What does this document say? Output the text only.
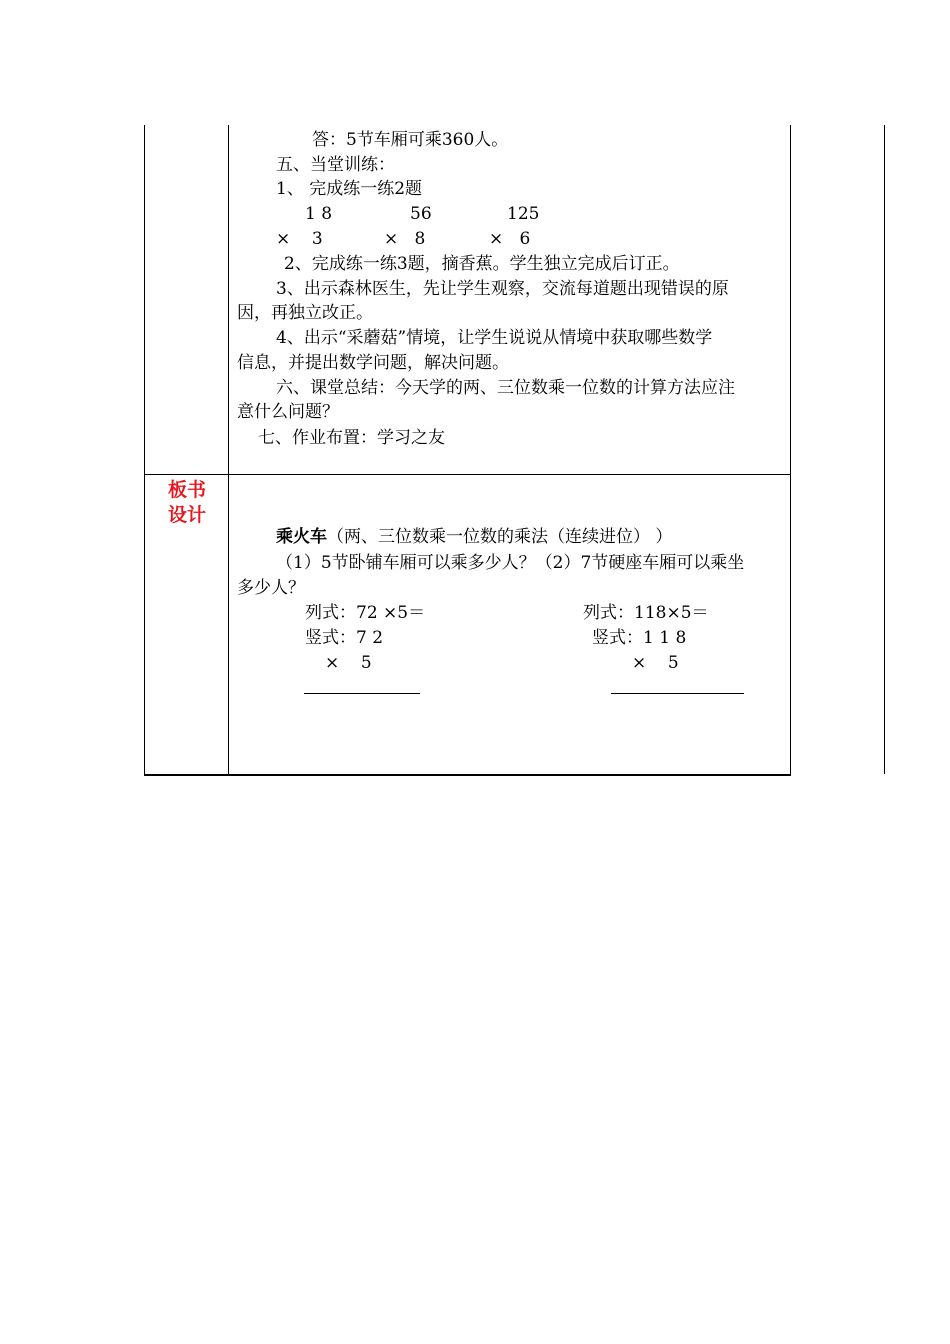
答：5节车厢可乘360人。
五、当堂训练：
1、 完成练一练2题
1 8	56	125
×    3	×   8	×   6
2、完成练一练3题，摘香蕉。学生独立完成后订正。
3、出示森林医生，先让学生观察，交流每道题出现错误的原
因，再独立改正。
4、出示“采蘑菇”情境，让学生说说从情境中获取哪些数学
信息，并提出数学问题，解决问题。
六、课堂总结：今天学的两、三位数乘一位数的计算方法应注
意什么问题？
七、作业布置：学习之友
板书
设计
乘火车（两、三位数乘一位数的乘法（连续进位） ）
（1）5节卧铺车厢可以乘多少人？（2）7节硬座车厢可以乘坐
多少人？
列式：72 ×5＝
竖式：7 2
×    5
列式：118×5＝
竖式：1 1 8
×    5
